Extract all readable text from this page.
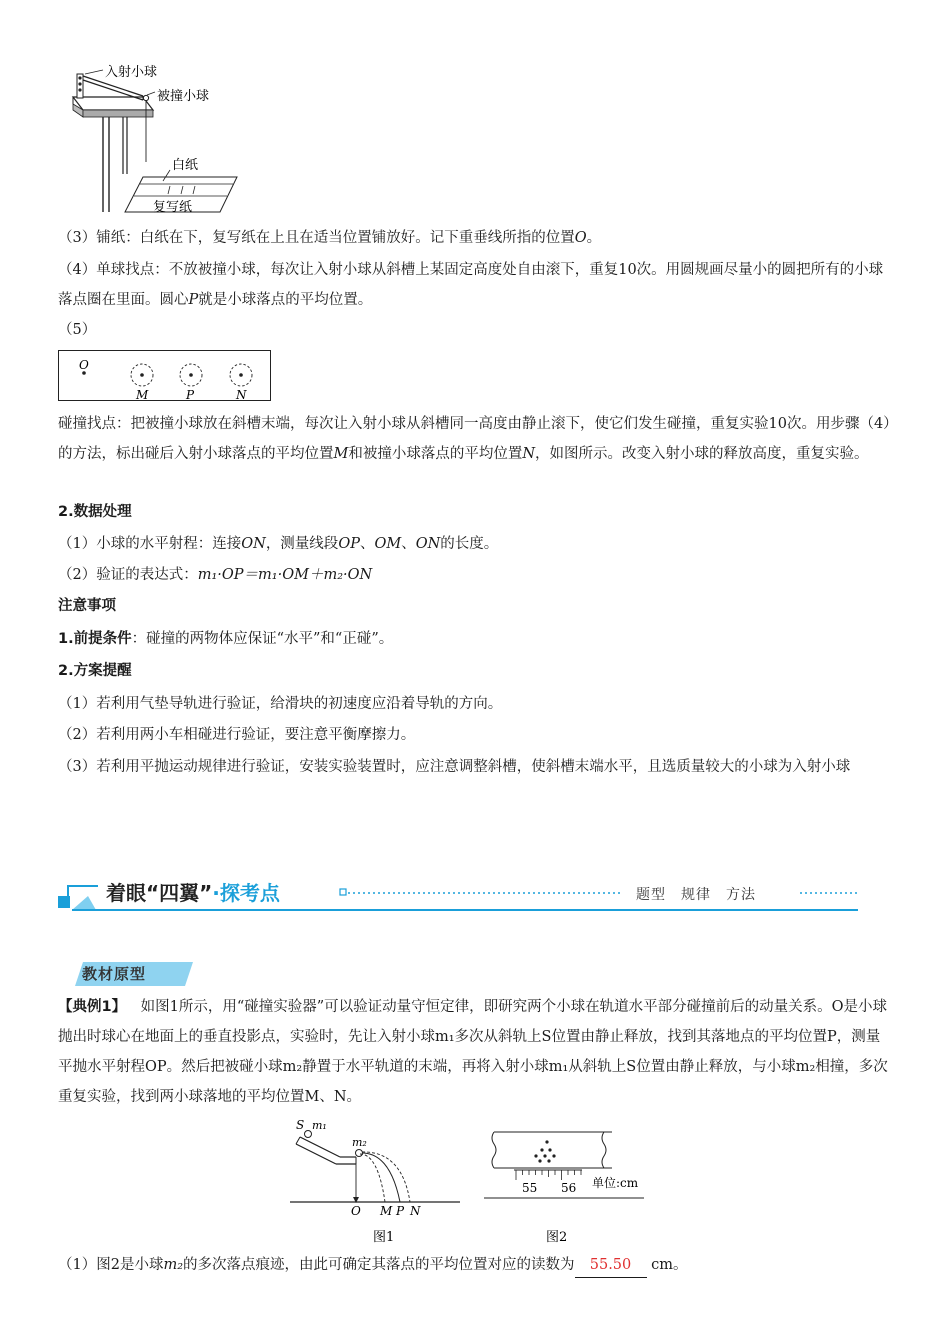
入射小球
被撞小球
白纸
复写纸
（3）铺纸：白纸在下，复写纸在上且在适当位置铺放好。记下重垂线所指的位置O。
（4）单球找点：不放被撞小球，每次让入射小球从斜槽上某固定高度处自由滚下，重复10次。用圆规画尽量小的圆把所有的小球落点圈在里面。圆心P就是小球落点的平均位置。
（5）
O
M	P	N
碰撞找点：把被撞小球放在斜槽末端，每次让入射小球从斜槽同一高度由静止滚下，使它们发生碰撞，重复实验10次。用步骤（4）的方法，标出碰后入射小球落点的平均位置M和被撞小球落点的平均位置N，如图所示。改变入射小球的释放高度，重复实验。
2.数据处理
（1）小球的水平射程：连接ON，测量线段OP、OM、ON的长度。
（2）验证的表达式：m₁·OP＝m₁·OM＋m₂·ON
注意事项
1.前提条件：碰撞的两物体应保证“水平”和“正碰”。
2.方案提醒
（1）若利用气垫导轨进行验证，给滑块的初速度应沿着导轨的方向。
（2）若利用两小车相碰进行验证，要注意平衡摩擦力。
（3）若利用平抛运动规律进行验证，安装实验装置时，应注意调整斜槽，使斜槽末端水平，且选质量较大的小球为入射小球
着眼“四翼”·探考点	题型　规律　方法
教材原型
【典例1】  如图1所示，用“碰撞实验器”可以验证动量守恒定律，即研究两个小球在轨道水平部分碰撞前后的动量关系。O是小球抛出时球心在地面上的垂直投影点，实验时，先让入射小球m₁多次从斜轨上S位置由静止释放，找到其落地点的平均位置P，测量平抛水平射程OP。然后把被碰小球m₂静置于水平轨道的末端，再将入射小球m₁从斜轨上S位置由静止释放，与小球m₂相撞，多次重复实验，找到两小球落地的平均位置M、N。
S m₁
m₂
O M P N
图1
55 56 单位:cm
图2
（1）图2是小球m₂的多次落点痕迹，由此可确定其落点的平均位置对应的读数为 55.50 cm。
